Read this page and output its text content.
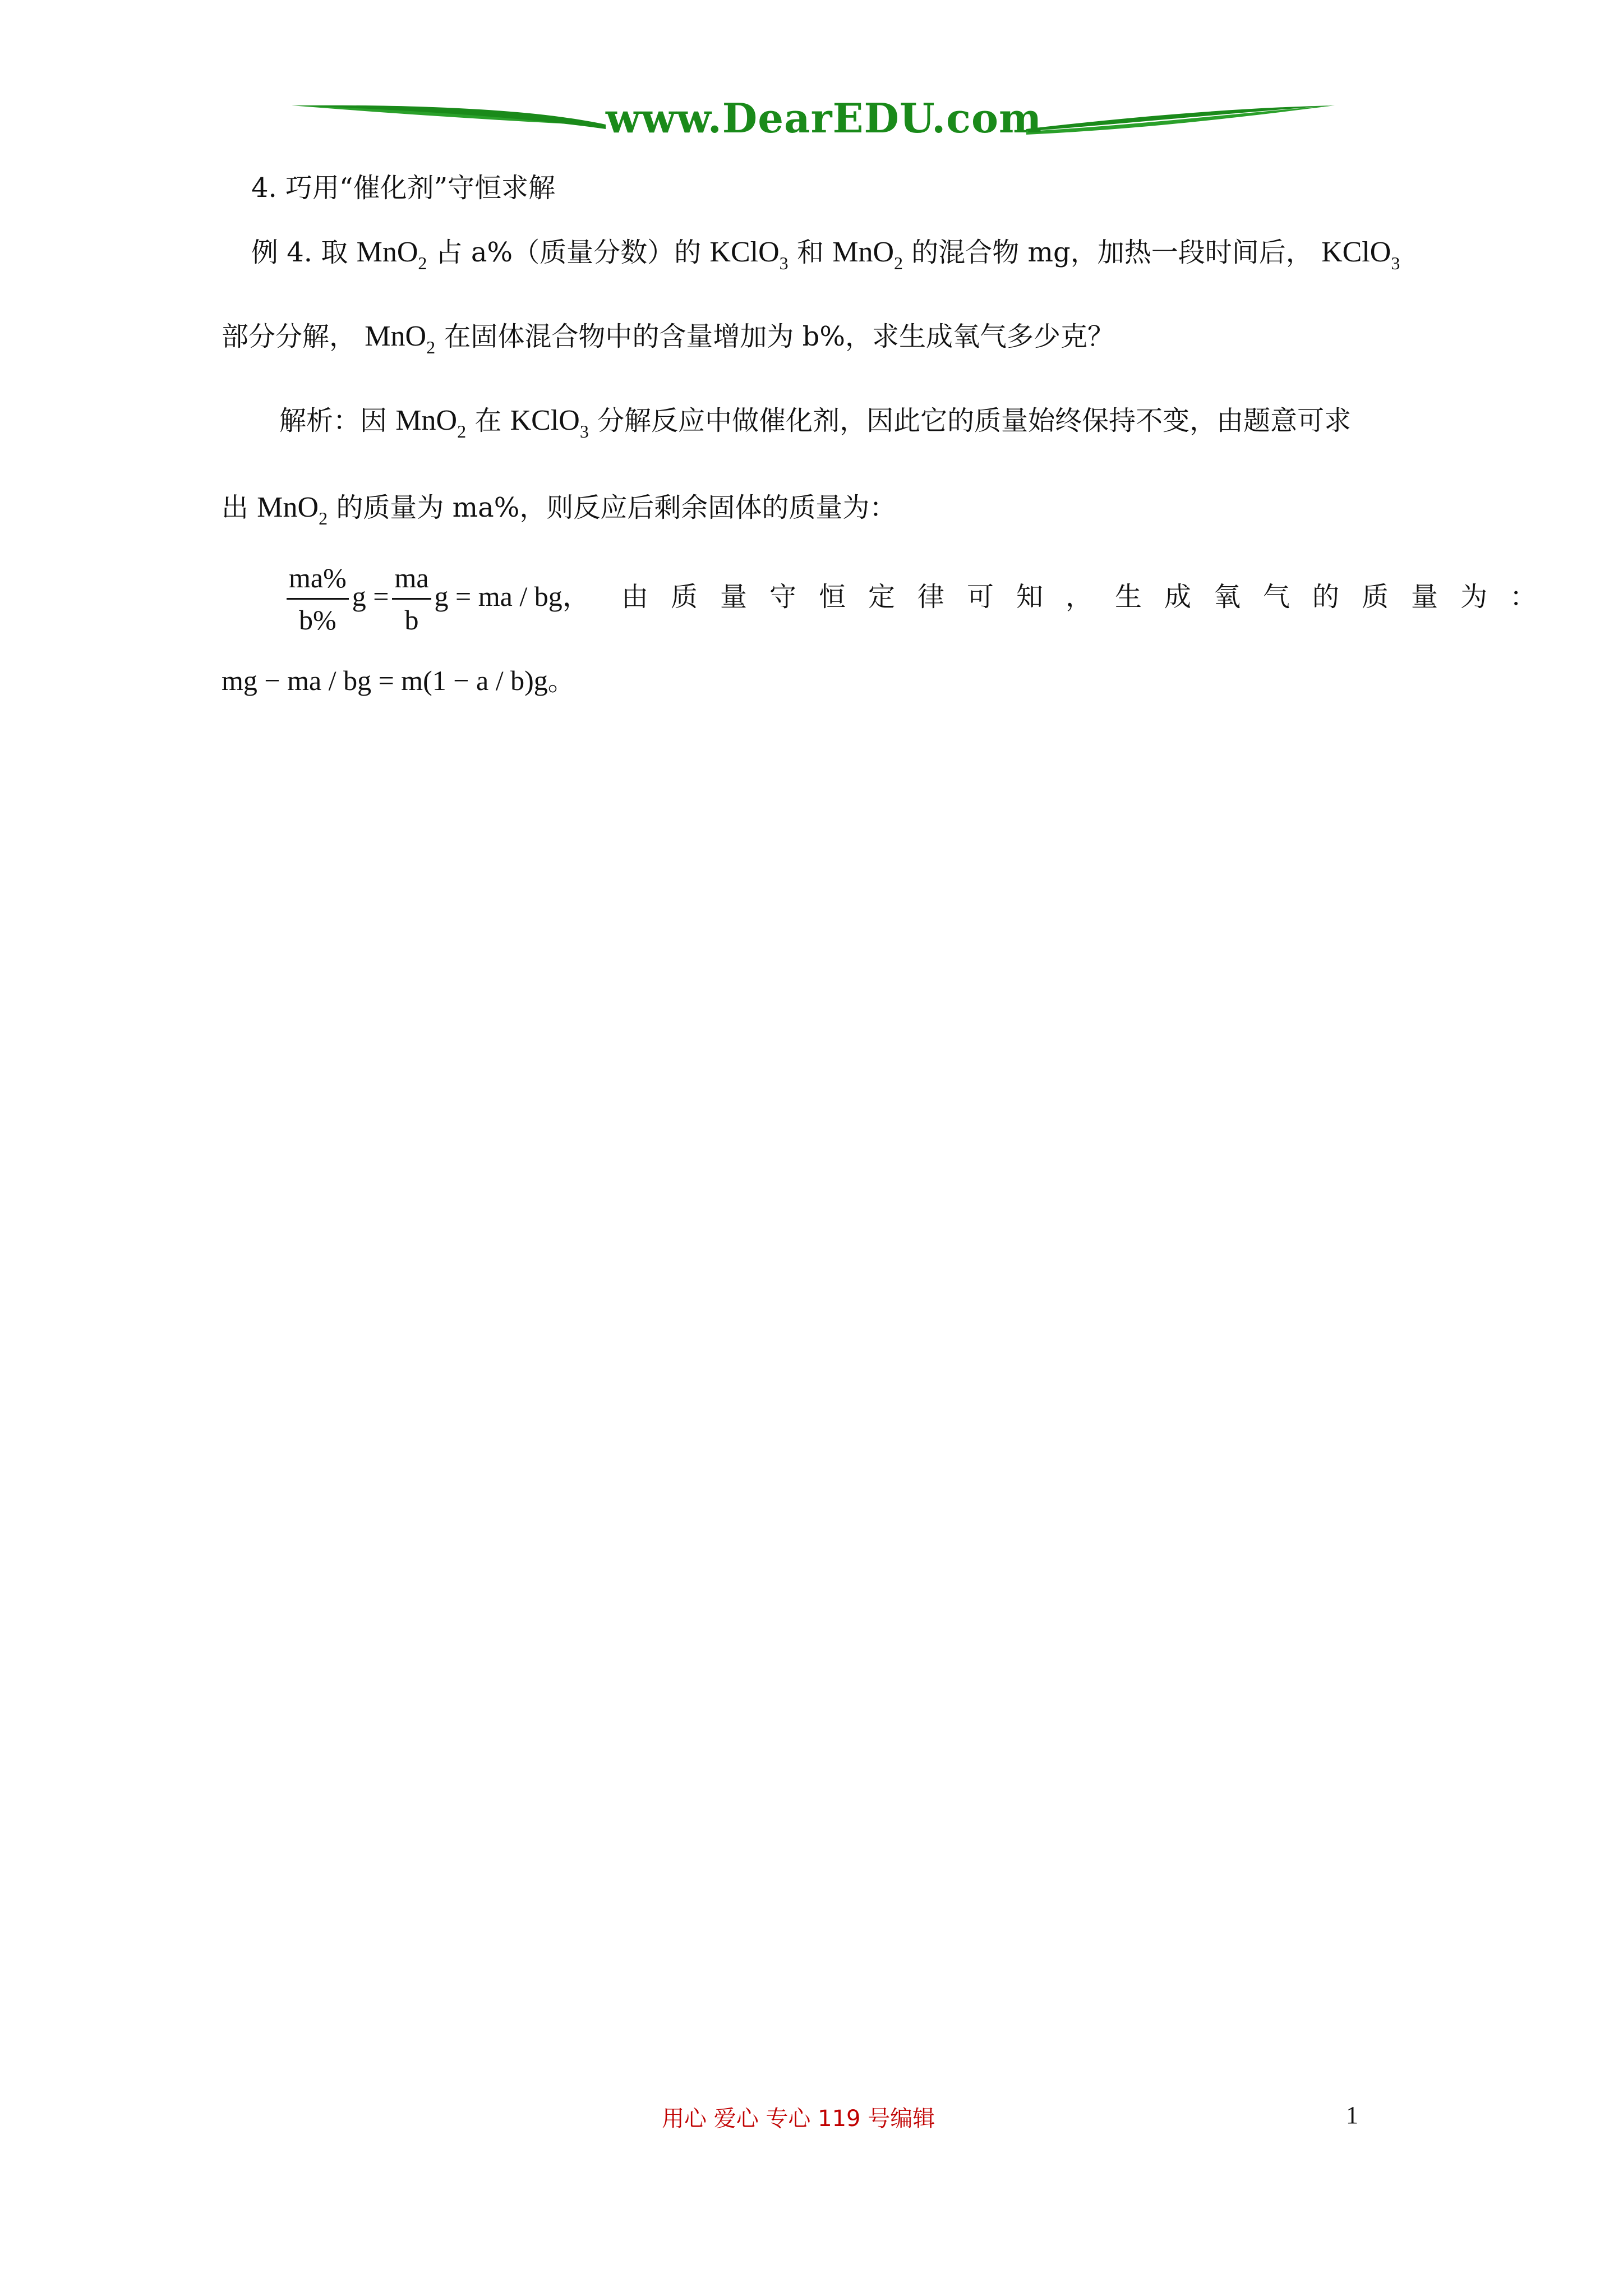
www.DearEDU.com
4. 巧用“催化剂”守恒求解
例 4. 取 MnO$_2$ 占 a%（质量分数）的 KClO$_3$ 和 MnO$_2$ 的混合物 mg，加热一段时间后， KClO$_3$
部分分解， MnO$_2$ 在固体混合物中的含量增加为 b%，求生成氧气多少克？
解析：因 MnO$_2$ 在 KClO$_3$ 分解反应中做催化剂，因此它的质量始终保持不变，由题意可求
出 MnO$_2$ 的质量为 ma%，则反应后剩余固体的质量为：
$\frac{ma\%}{b\%}$ $g = \frac{ma}{b}$ g = ma / bg， 由质量守恒定律可知，生成氧气的质量为：
mg − ma / bg = m(1 − a / b)g。
用心 爱心 专心 119 号编辑	1
